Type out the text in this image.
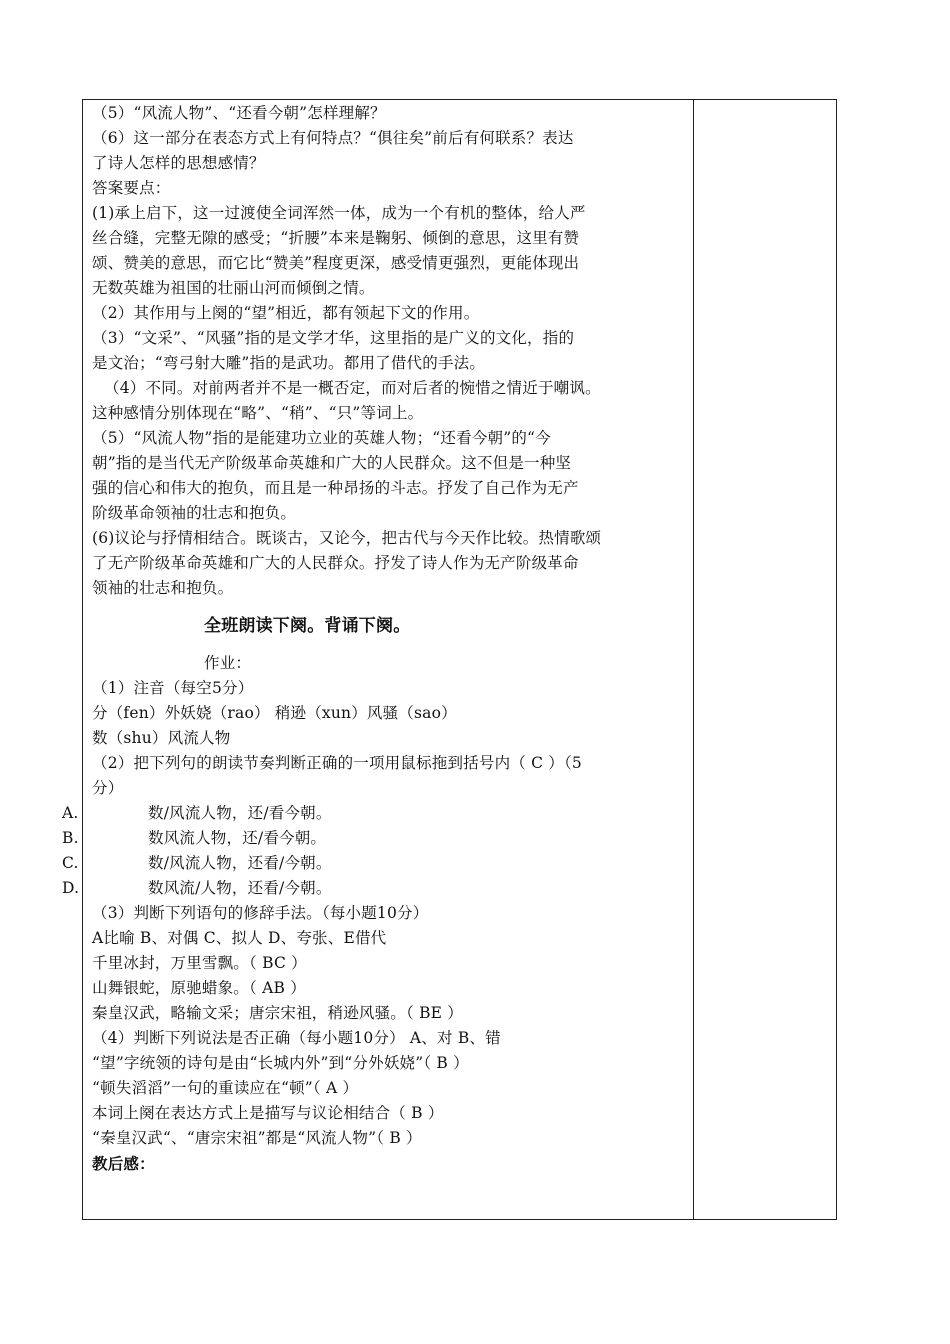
（5）“风流人物”、“还看今朝”怎样理解？
（6）这一部分在表态方式上有何特点？“俱往矣”前后有何联系？表达
了诗人怎样的思想感情？
答案要点：
(1)承上启下，这一过渡使全词浑然一体，成为一个有机的整体，给人严
丝合缝，完整无隙的感受；“折腰”本来是鞠躬、倾倒的意思，这里有赞
颂、赞美的意思，而它比“赞美”程度更深，感受情更强烈，更能体现出
无数英雄为祖国的壮丽山河而倾倒之情。
（2）其作用与上阕的“望”相近，都有领起下文的作用。
（3）“文采”、“风骚”指的是文学才华，这里指的是广义的文化，指的
是文治；“弯弓射大雕”指的是武功。都用了借代的手法。
（4）不同。对前两者并不是一概否定，而对后者的惋惜之情近于嘲讽。
这种感情分别体现在“略”、“稍”、“只”等词上。
（5）“风流人物”指的是能建功立业的英雄人物；“还看今朝”的“今
朝”指的是当代无产阶级革命英雄和广大的人民群众。这不但是一种坚
强的信心和伟大的抱负，而且是一种昂扬的斗志。抒发了自己作为无产
阶级革命领袖的壮志和抱负。
(6)议论与抒情相结合。既谈古，又论今，把古代与今天作比较。热情歌颂
了无产阶级革命英雄和广大的人民群众。抒发了诗人作为无产阶级革命
领袖的壮志和抱负。
全班朗读下阕。背诵下阕。
作业：
（1）注音（每空5分）
分（fen）外妖娆（rao） 稍逊（xun）风骚（sao）
数（shu）风流人物
（2）把下列句的朗读节奏判断正确的一项用鼠标拖到括号内（ C ）（5
分）
A.	数/风流人物，还/看今朝。
B.	数风流人物，还/看今朝。
C.	数/风流人物，还看/今朝。
D.	数风流/人物，还看/今朝。
（3）判断下列语句的修辞手法。（每小题10分）
A比喻 B、对偶 C、拟人 D、夸张、E借代
千里冰封，万里雪飘。（ BC ）
山舞银蛇，原驰蜡象。（ AB ）
秦皇汉武，略输文采；唐宗宋祖，稍逊风骚。（ BE ）
（4）判断下列说法是否正确（每小题10分） A、对 B、错
“望”字统领的诗句是由“长城内外”到“分外妖娆”（ B ）
“顿失滔滔”一句的重读应在“顿”（ A ）
本词上阕在表达方式上是描写与议论相结合（ B ）
“秦皇汉武“、“唐宗宋祖”都是“风流人物”（ B ）
教后感：
